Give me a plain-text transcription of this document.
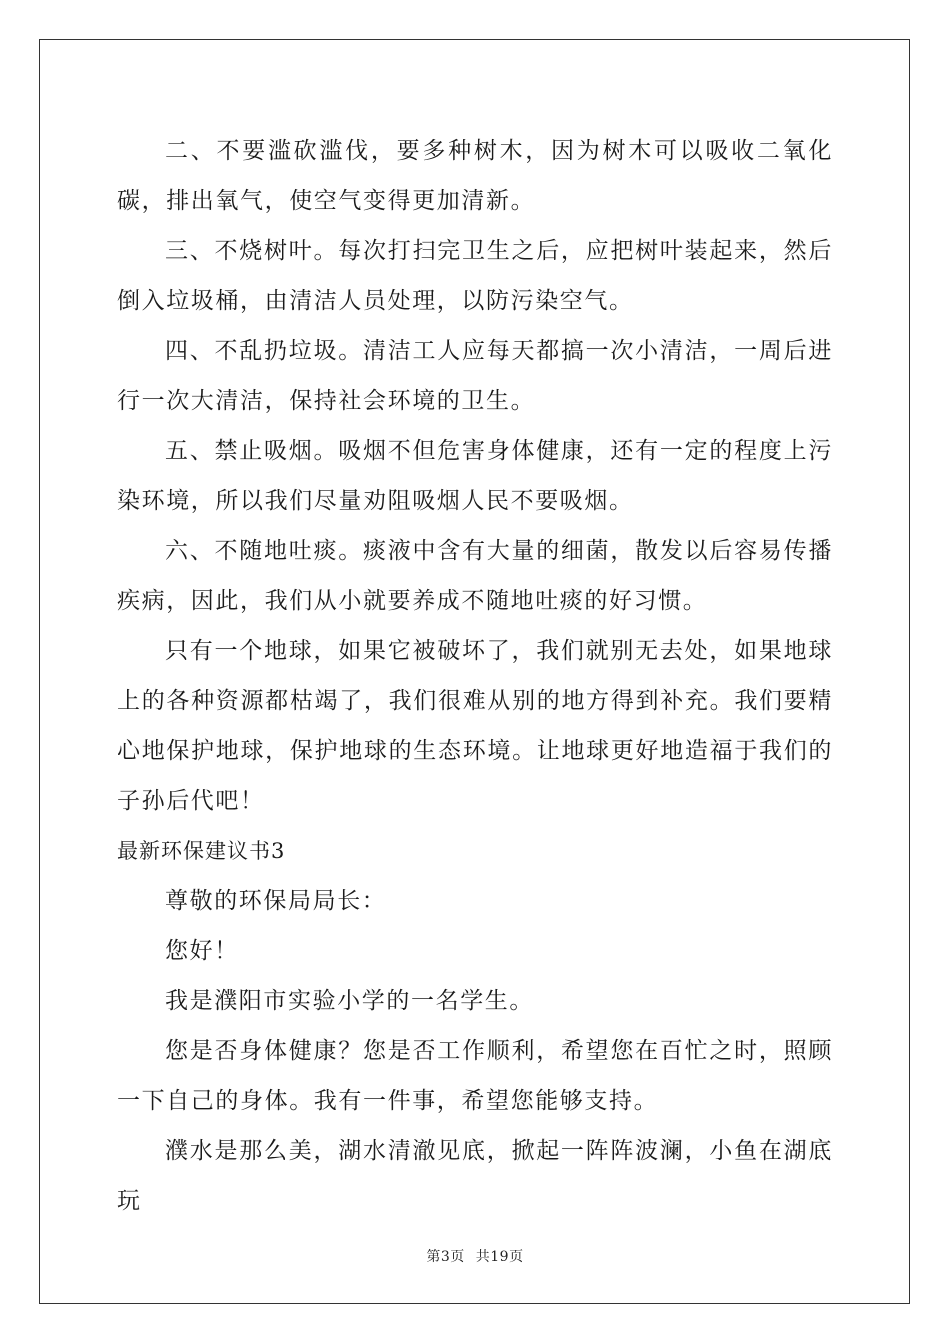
二、不要滥砍滥伐，要多种树木，因为树木可以吸收二氧化碳，排出氧气，使空气变得更加清新。

三、不烧树叶。每次打扫完卫生之后，应把树叶装起来，然后倒入垃圾桶，由清洁人员处理，以防污染空气。

四、不乱扔垃圾。清洁工人应每天都搞一次小清洁，一周后进行一次大清洁，保持社会环境的卫生。

五、禁止吸烟。吸烟不但危害身体健康，还有一定的程度上污染环境，所以我们尽量劝阻吸烟人民不要吸烟。

六、不随地吐痰。痰液中含有大量的细菌，散发以后容易传播疾病，因此，我们从小就要养成不随地吐痰的好习惯。

只有一个地球，如果它被破坏了，我们就别无去处，如果地球上的各种资源都枯竭了，我们很难从别的地方得到补充。我们要精心地保护地球，保护地球的生态环境。让地球更好地造福于我们的子孙后代吧！

最新环保建议书3

尊敬的环保局局长：

您好！

我是濮阳市实验小学的一名学生。

您是否身体健康？您是否工作顺利，希望您在百忙之时，照顾一下自己的身体。我有一件事，希望您能够支持。

濮水是那么美，湖水清澈见底，掀起一阵阵波澜，小鱼在湖底玩

第3页 共19页
